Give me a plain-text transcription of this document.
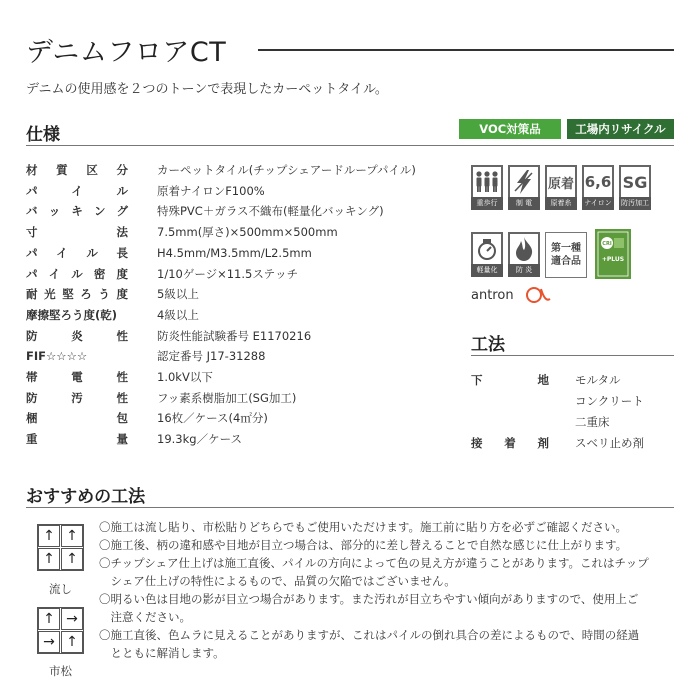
デニムフロアCT
デニムの使用感を２つのトーンで表現したカーペットタイル。
仕様	VOC対策品	工場内リサイクル
材質区分	カーペットタイル(チップシェアードループパイル)
パイル	原着ナイロンF100%
バッキング	特殊PVC＋ガラス不織布(軽量化バッキング)
寸法	7.5mm(厚さ)×500mm×500mm
パイル長	H4.5mm/M3.5mm/L2.5mm
パイル密度	1/10ゲージ×11.5ステッチ
耐光堅ろう度	5級以上
摩擦堅ろう度(乾)	4級以上
防炎性	防炎性能試験番号 E1170216
FIF☆☆☆☆	認定番号 J17-31288
帯電性	1.0kV以下
防汚性	フッ素系樹脂加工(SG加工)
梱包	16枚／ケース(4㎡分)
重量	19.3kg／ケース
重歩行	制 電
原着
原着糸
6,6
ナイロン
SG
防汚加工
軽量化	防 炎
第一種
適合品
CRI
+PLUS
antron
工法
下地 モルタル
コンクリート
二重床
接着剤 スベリ止め剤
おすすめの工法
↑ ↑
↑ ↑
流し
↑ →
→ ↑
市松
〇施工は流し貼り、市松貼りどちらでもご使用いただけます。施工前に貼り方を必ずご確認ください。
〇施工後、柄の違和感や目地が目立つ場合は、部分的に差し替えることで自然な感じに仕上がります。
〇チップシェア仕上げは施工直後、パイルの方向によって色の見え方が違うことがあります。これはチップ
　シェア仕上げの特性によるもので、品質の欠陥ではございません。
〇明るい色は目地の影が目立つ場合があります。また汚れが目立ちやすい傾向がありますので、使用上ご
　注意ください。
〇施工直後、色ムラに見えることがありますが、これはパイルの倒れ具合の差によるもので、時間の経過
　とともに解消します。
